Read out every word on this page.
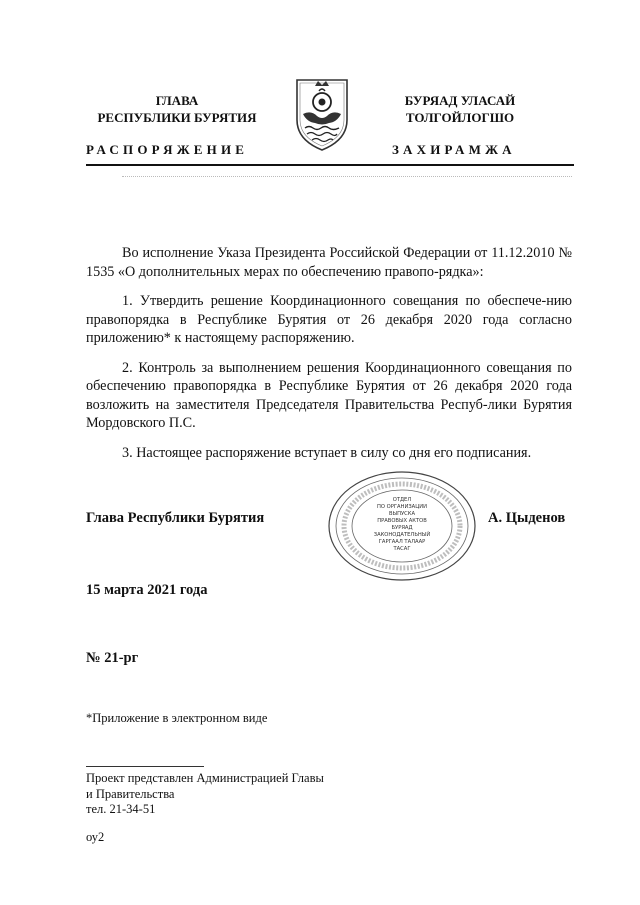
ГЛАВА
РЕСПУБЛИКИ БУРЯТИЯ
БУРЯАД УЛАСАЙ
ТОЛГОЙЛОГШО
РАСПОРЯЖЕНИЕ	ЗАХИРАМЖА

Во исполнение Указа Президента Российской Федерации от 11.12.2010 № 1535 «О дополнительных мерах по обеспечению правопо-рядка»:

1. Утвердить решение Координационного совещания по обеспече-нию правопорядка в Республике Бурятия от 26 декабря 2020 года согласно приложению* к настоящему распоряжению.

2. Контроль за выполнением решения Координационного совещания по обеспечению правопорядка в Республике Бурятия от 26 декабря 2020 года возложить на заместителя Председателя Правительства Респуб-лики Бурятия Мордовского П.С.

3. Настоящее распоряжение вступает в силу со дня его подписания.

Глава Республики Бурятия
ОТДЕЛ
ПО ОРГАНИЗАЦИИ
ВЫПУСКА
ПРАВОВЫХ АКТОВ
БУРЯАД
ЗАКОНОДАТЕЛЬНЫЙ
ГАРГААЛ ТАЛААР
ТАСАГ
А. Цыденов
15 марта 2021 года
№ 21-рг
*Приложение в электронном виде
Проект представлен Администрацией Главы
и Правительства
тел. 21-34-51
оу2
